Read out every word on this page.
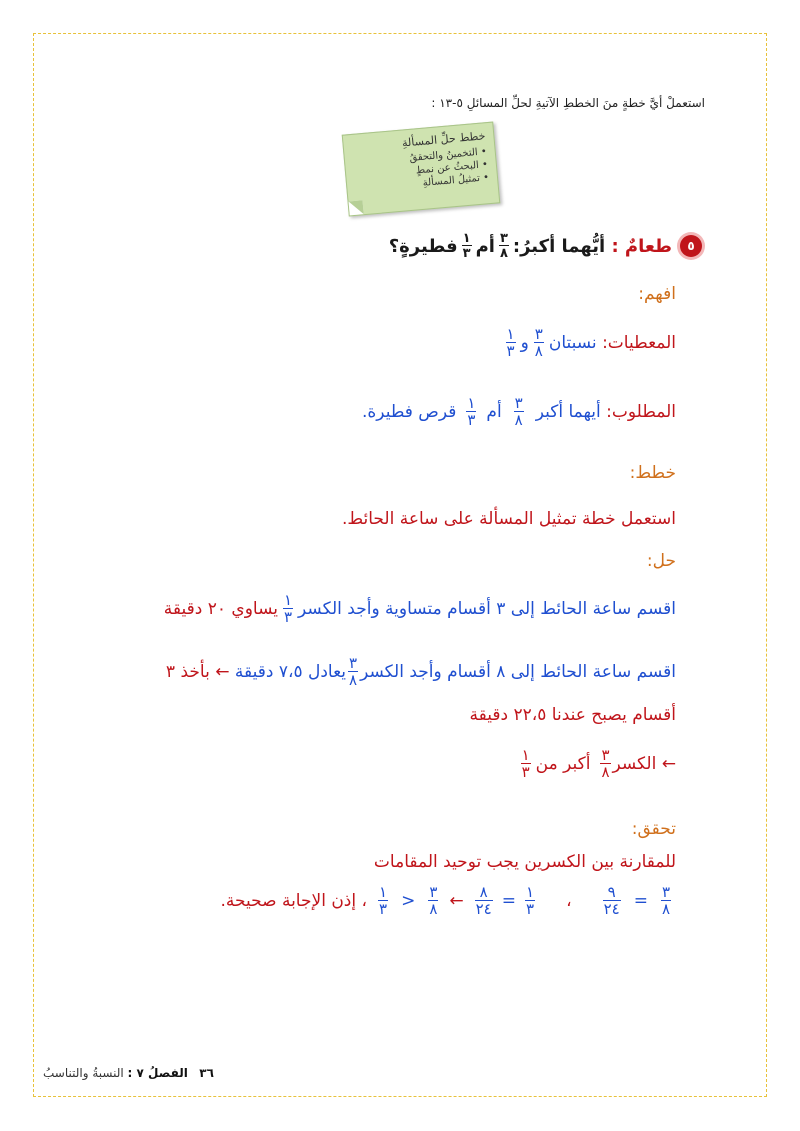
استعملْ أيَّ خطةٍ منَ الخططِ الآتيةِ لحلِّ المسائلِ ٥-١٣ :
خطط حلِّ المسألةِ
• التخمينُ والتحققُ
• البحثُ عن نمطٍ
• تمثيلُ المسألةِ
٥
طعامٌ :

أيُّهما أكبرُ:
$\frac{٣}{٨}$
أم
$\frac{١}{٣}$
فطيرةٍ؟
افهم:
المعطيات:

نسبتان
$\frac{٣}{٨}$
و
$\frac{١}{٣}$
المطلوب:

أيهما أكبر
$\frac{٣}{٨}$
أم
$\frac{١}{٣}$
قرص فطيرة.
خطط:
استعمل خطة تمثيل المسألة على ساعة الحائط.
حل:
اقسم ساعة الحائط إلى ٣ أقسام متساوية وأجد الكسر
$\frac{١}{٣}$
يساوي ٢٠ دقيقة
اقسم ساعة الحائط إلى ٨ أقسام وأجد الكسر
$\frac{٣}{٨}$
يعادل ٧،٥ دقيقة

←

بأخذ ٣
أقسام يصبح عندنا ٢٢،٥ دقيقة
←

الكسر
$\frac{٣}{٨}$
أكبر من
$\frac{١}{٣}$
تحقق:
للمقارنة بين الكسرين يجب توحيد المقامات
$\frac{٣}{٨}$
=
$\frac{٩}{٢٤}$
،
$\frac{١}{٣}$
=
$\frac{٨}{٢٤}$
←
$\frac{٣}{٨}$
<
$\frac{١}{٣}$
، إذن الإجابة صحيحة.
٣٦   الفصلُ ٧ : النسبةُ والتناسبُ
